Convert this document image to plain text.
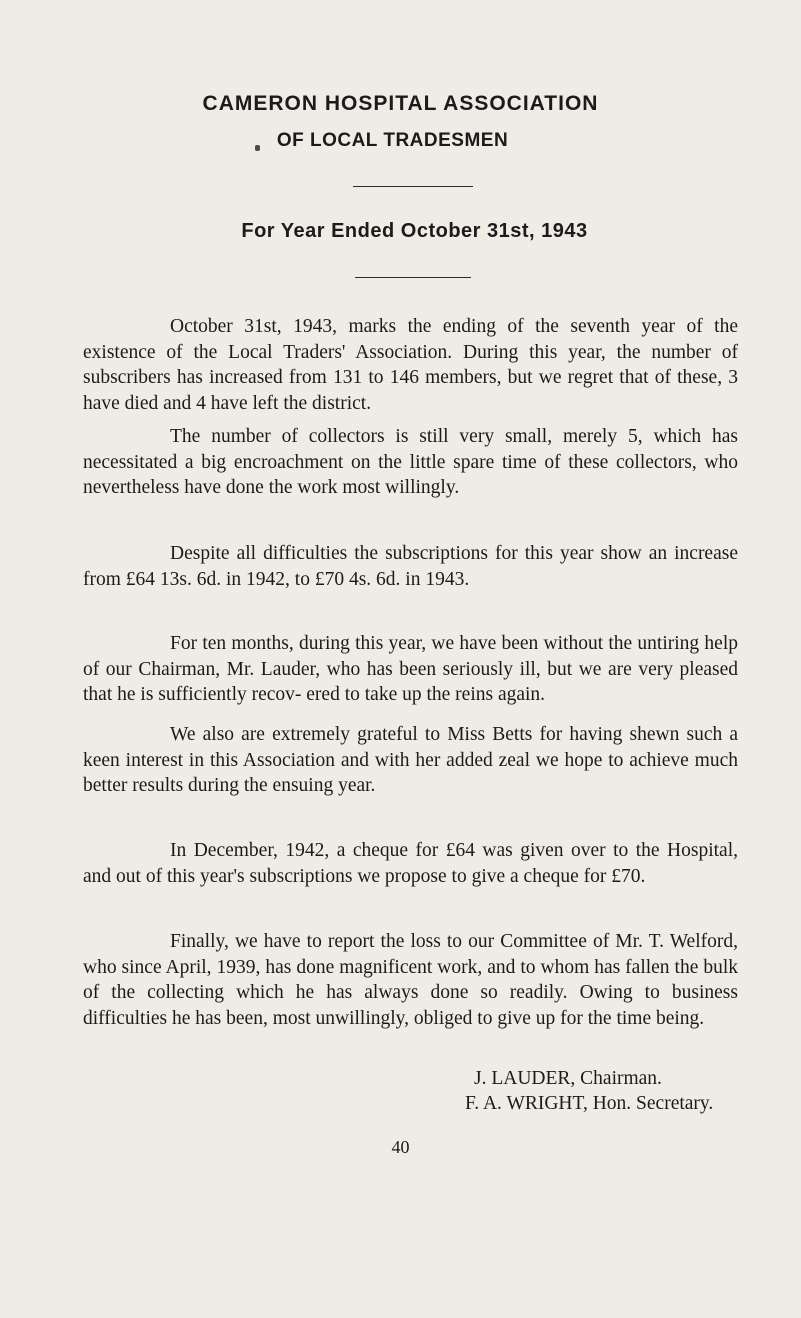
CAMERON HOSPITAL ASSOCIATION
OF LOCAL TRADESMEN
For Year Ended October 31st, 1943

October 31st, 1943, marks the ending of the seventh year of the existence of the Local Traders' Association. During this year, the number of subscribers has increased from 131 to 146 members, but we regret that of these, 3 have died and 4 have left the district.

The number of collectors is still very small, merely 5, which has necessitated a big encroachment on the little spare time of these collectors, who nevertheless have done the work most willingly.

Despite all difficulties the subscriptions for this year show an increase from £64 13s. 6d. in 1942, to £70 4s. 6d. in 1943.

For ten months, during this year, we have been without the untiring help of our Chairman, Mr. Lauder, who has been seriously ill, but we are very pleased that he is sufficiently recov- ered to take up the reins again.

We also are extremely grateful to Miss Betts for having shewn such a keen interest in this Association and with her added zeal we hope to achieve much better results during the ensuing year.

In December, 1942, a cheque for £64 was given over to the Hospital, and out of this year's subscriptions we propose to give a cheque for £70.

Finally, we have to report the loss to our Committee of Mr. T. Welford, who since April, 1939, has done magnificent work, and to whom has fallen the bulk of the collecting which he has always done so readily. Owing to business difficulties he has been, most unwillingly, obliged to give up for the time being.

J. LAUDER, Chairman.
F. A. WRIGHT, Hon. Secretary.
40
